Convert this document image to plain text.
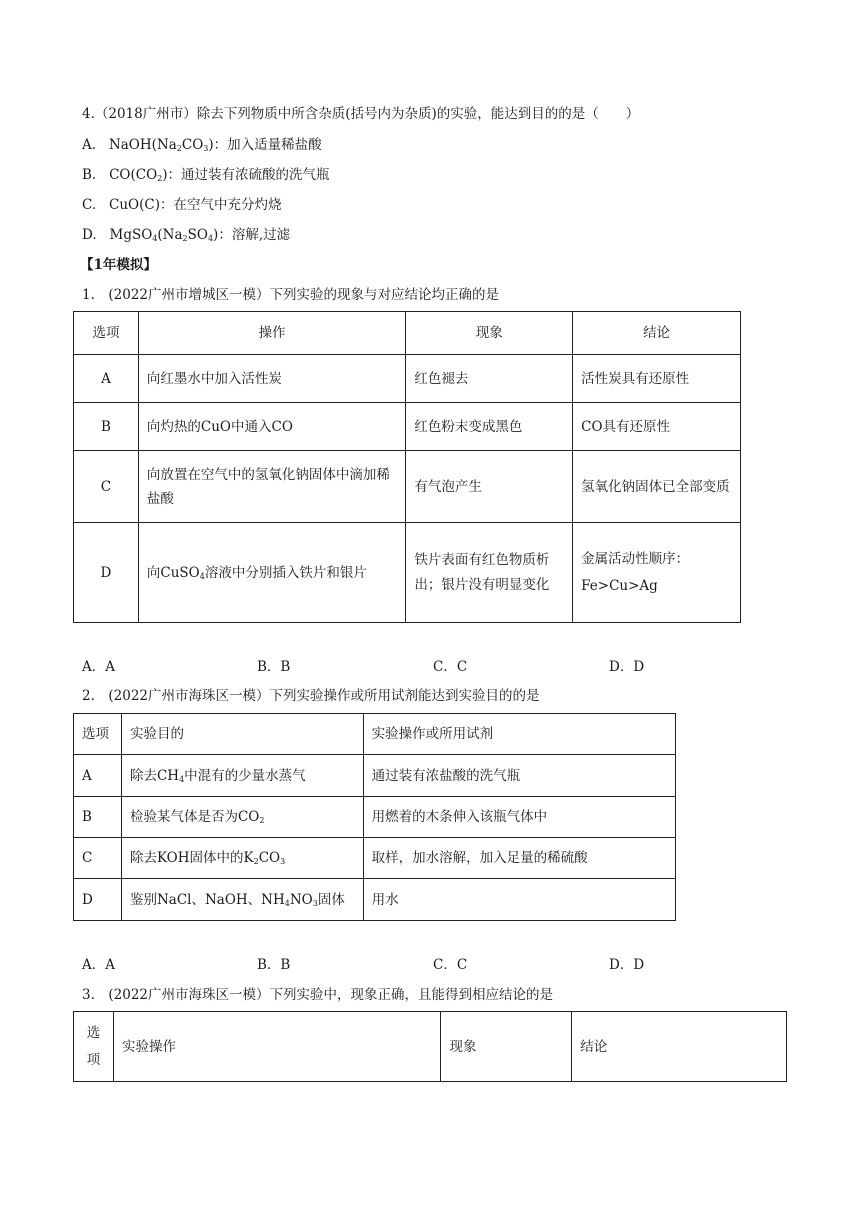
4.（2018广州市）除去下列物质中所含杂质(括号内为杂质)的实验，能达到目的的是（　　）
A. $NaOH(Na_2CO_3)$：加入适量稀盐酸
B. $CO(CO_2)$：通过装有浓硫酸的洗气瓶
C. CuO(C)：在空气中充分灼烧
D. $MgSO_4(Na_2SO_4)$：溶解,过滤
【1年模拟】
1.　(2022广州市增城区一模）下列实验的现象与对应结论均正确的是
选项	操作	现象	结论
A	向红墨水中加入活性炭	红色褪去	活性炭具有还原性
B	向灼热的CuO中通入CO	红色粉末变成黑色	CO具有还原性
C	向放置在空气中的氢氧化钠固体中滴加稀盐酸	有气泡产生	氢氧化钠固体已全部变质
D	向CuSO$_4$溶液中分别插入铁片和银片	铁片表面有红色物质析出；银片没有明显变化	金属活动性顺序：
Fe>Cu>Ag
A．A	B．B	C．C	D．D
2.　(2022广州市海珠区一模）下列实验操作或所用试剂能达到实验目的的是
选项	实验目的	实验操作或所用试剂
A	除去$CH_4$中混有的少量水蒸气	通过装有浓盐酸的洗气瓶
B	检验某气体是否为$CO_2$	用燃着的木条伸入该瓶气体中
C	除去KOH固体中的$K_2CO_3$	取样，加水溶解，加入足量的稀硫酸
D	鉴别NaCl、NaOH、$NH_4NO_3$固体	用水
A．A	B．B	C．C	D．D
3.　(2022广州市海珠区一模）下列实验中，现象正确，且能得到相应结论的是
选
项
	实验操作	现象	结论
